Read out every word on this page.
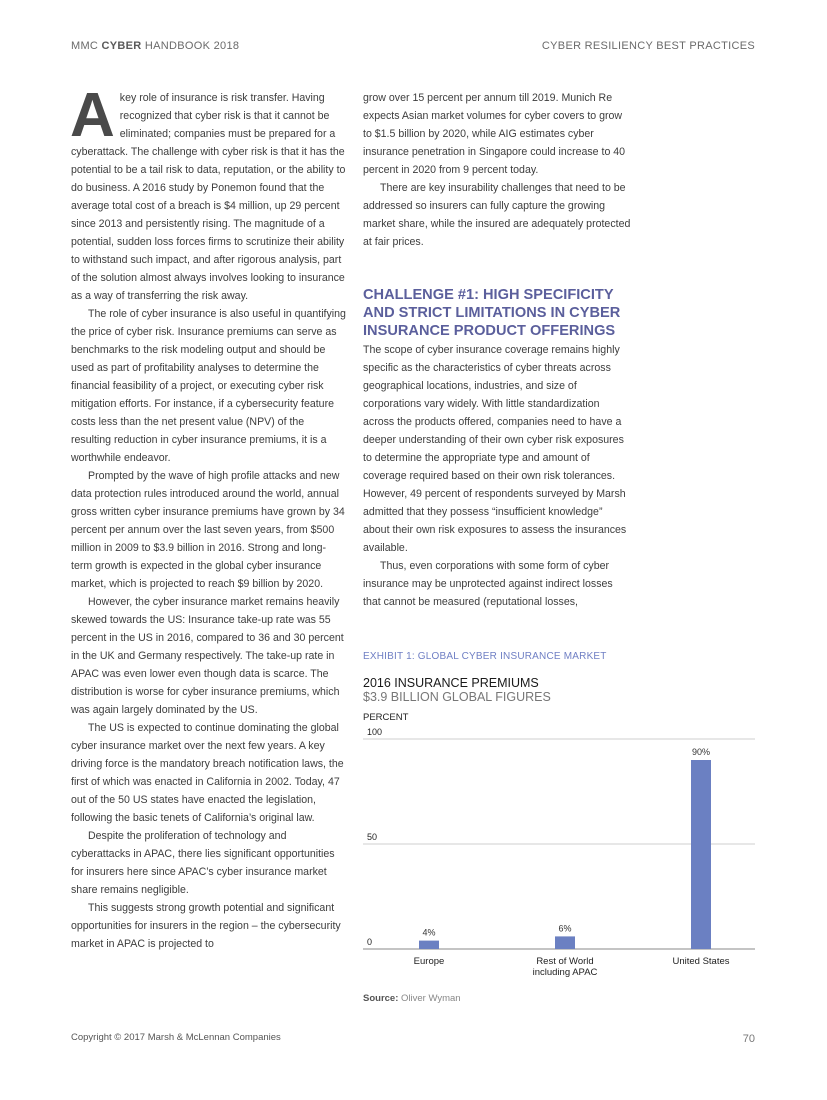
MMC CYBER HANDBOOK 2018	CYBER RESILIENCY BEST PRACTICES

Akey role of insurance is risk transfer. Having recognized that cyber risk is that it cannot be eliminated; companies must be prepared for a cyberattack. The challenge with cyber risk is that it has the potential to be a tail risk to data, reputation, or the ability to do business. A 2016 study by Ponemon found that the average total cost of a breach is $4 million, up 29 percent since 2013 and persistently rising. The magnitude of a potential, sudden loss forces firms to scrutinize their ability to withstand such impact, and after rigorous analysis, part of the solution almost always involves looking to insurance as a way of transferring the risk away.

The role of cyber insurance is also useful in quantifying the price of cyber risk. Insurance premiums can serve as benchmarks to the risk modeling output and should be used as part of profitability analyses to determine the financial feasibility of a project, or executing cyber risk mitigation efforts. For instance, if a cybersecurity feature costs less than the net present value (NPV) of the resulting reduction in cyber insurance premiums, it is a worthwhile endeavor.

Prompted by the wave of high profile attacks and new data protection rules introduced around the world, annual gross written cyber insurance premiums have grown by 34 percent per annum over the last seven years, from $500 million in 2009 to $3.9 billion in 2016. Strong and long-term growth is expected in the global cyber insurance market, which is projected to reach $9 billion by 2020.

However, the cyber insurance market remains heavily skewed towards the US: Insurance take-up rate was 55 percent in the US in 2016, compared to 36 and 30 percent in the UK and Germany respectively. The take-up rate in APAC was even lower even though data is scarce. The distribution is worse for cyber insurance premiums, which was again largely dominated by the US.

The US is expected to continue dominating the global cyber insurance market over the next few years. A key driving force is the mandatory breach notification laws, the first of which was enacted in California in 2002. Today, 47 out of the 50 US states have enacted the legislation, following the basic tenets of California’s original law.

Despite the proliferation of technology and cyberattacks in APAC, there lies significant opportunities for insurers here since APAC’s cyber insurance market share remains negligible.

This suggests strong growth potential and significant opportunities for insurers in the region – the cybersecurity market in APAC is projected to

grow over 15 percent per annum till 2019. Munich Re expects Asian market volumes for cyber covers to grow to $1.5 billion by 2020, while AIG estimates cyber insurance penetration in Singapore could increase to 40 percent in 2020 from 9 percent today.

There are key insurability challenges that need to be addressed so insurers can fully capture the growing market share, while the insured are adequately protected at fair prices.

CHALLENGE #1: HIGH SPECIFICITY AND STRICT LIMITATIONS IN CYBER INSURANCE PRODUCT OFFERINGS

The scope of cyber insurance coverage remains highly specific as the characteristics of cyber threats across geographical locations, industries, and size of corporations vary widely. With little standardization across the products offered, companies need to have a deeper understanding of their own cyber risk exposures to determine the appropriate type and amount of coverage required based on their own risk tolerances. However, 49 percent of respondents surveyed by Marsh admitted that they possess “insufficient knowledge” about their own risk exposures to assess the insurances available.

Thus, even corporations with some form of cyber insurance may be unprotected against indirect losses that cannot be measured (reputational losses,

EXHIBIT 1: GLOBAL CYBER INSURANCE MARKET
2016 INSURANCE PREMIUMS
$3.9 BILLION GLOBAL FIGURES
PERCENT
0
50
100
4%
Europe
6%
Rest of World
including APAC
90%
United States
Source: Oliver Wyman
Copyright © 2017 Marsh & McLennan Companies	70
